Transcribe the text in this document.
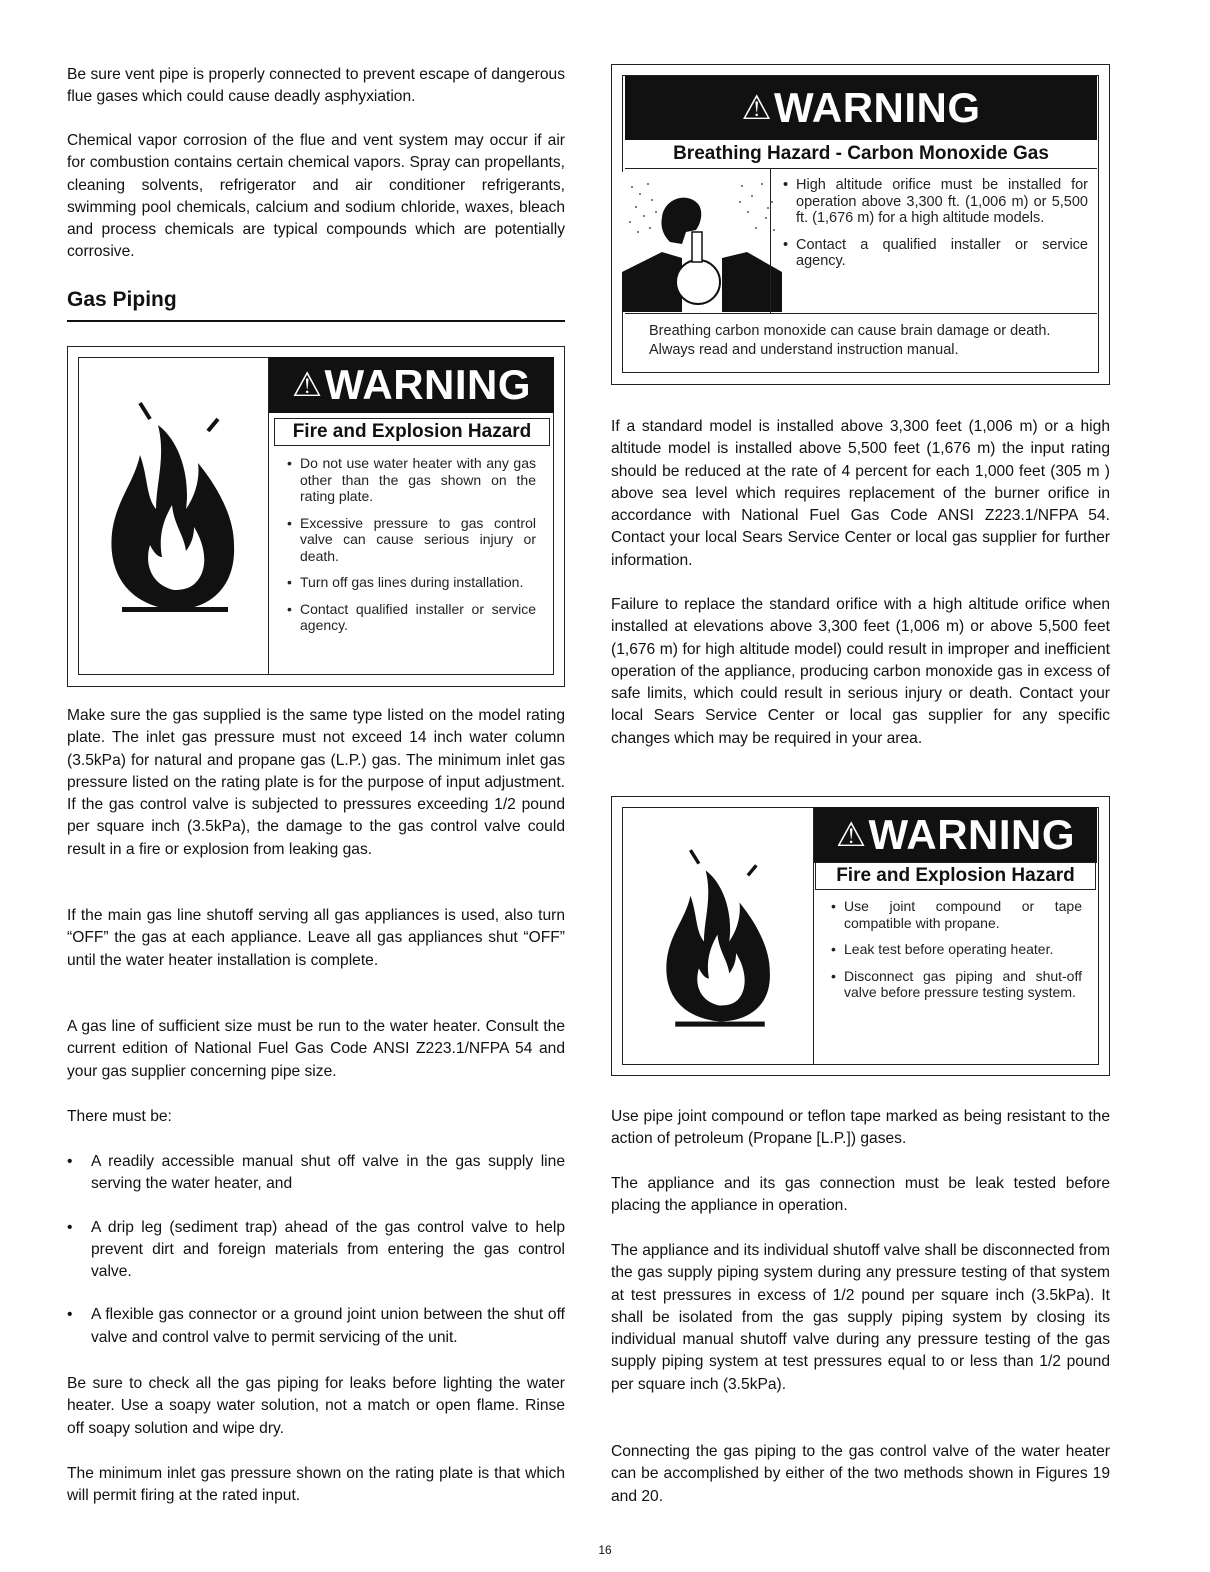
Be sure vent pipe is properly connected to prevent escape of dangerous flue gases which could cause deadly asphyxiation.

Chemical vapor corrosion of the flue and vent system may occur if air for combustion contains certain chemical vapors. Spray can propellants, cleaning solvents, refrigerator and air conditioner refrigerants, swimming pool chemicals, calcium and sodium chloride, waxes, bleach and process chemicals are typical compounds which are potentially corrosive.

Gas Piping
⚠WARNING
Fire and Explosion Hazard
• Do not use water heater with any gas other than the gas shown on the rating plate.
• Excessive pressure to gas control valve can cause serious injury or death.
• Turn off gas lines during installation.
• Contact qualified installer or service agency.

Make sure the gas supplied is the same type listed on the model rating plate. The inlet gas pressure must not exceed 14 inch water column (3.5kPa) for natural and propane gas (L.P.) gas. The minimum inlet gas pressure listed on the rating plate is for the purpose of input adjustment. If the gas control valve is subjected to pressures exceeding 1/2 pound per square inch (3.5kPa), the damage to the gas control valve could result in a fire or explosion from leaking gas.

If the main gas line shutoff serving all gas appliances is used, also turn “OFF” the gas at each appliance. Leave all gas appliances shut “OFF” until the water heater installation is complete.

A gas line of sufficient size must be run to the water heater. Consult the current edition of National Fuel Gas Code ANSI Z223.1/NFPA 54 and your gas supplier concerning pipe size.

There must be:

• A readily accessible manual shut off valve in the gas supply line serving the water heater, and
• A drip leg (sediment trap) ahead of the gas control valve to help prevent dirt and foreign materials from entering the gas control valve.
• A flexible gas connector or a ground joint union between the shut off valve and control valve to permit servicing of the unit.

Be sure to check all the gas piping for leaks before lighting the water heater. Use a soapy water solution, not a match or open flame. Rinse off soapy solution and wipe dry.

The minimum inlet gas pressure shown on the rating plate is that which will permit firing at the rated input.

⚠WARNING
Breathing Hazard - Carbon Monoxide Gas
• High altitude orifice must be installed for operation above 3,300 ft. (1,006 m) or 5,500 ft. (1,676 m) for a high altitude models.
• Contact a qualified installer or service agency.
Breathing carbon monoxide can cause brain damage or death. Always read and understand instruction manual.

If a standard model is installed above 3,300 feet (1,006 m) or a high altitude model is installed above 5,500 feet (1,676 m) the input rating should be reduced at the rate of 4 percent for each 1,000 feet (305 m ) above sea level which requires replacement of the burner orifice in accordance with National Fuel Gas Code ANSI Z223.1/NFPA 54. Contact your local Sears Service Center or local gas supplier for further information.

Failure to replace the standard orifice with a high altitude orifice when installed at elevations above 3,300 feet (1,006 m) or above 5,500 feet (1,676 m) for high altitude model) could result in improper and inefficient operation of the appliance, producing carbon monoxide gas in excess of safe limits, which could result in serious injury or death. Contact your local Sears Service Center or local gas supplier for any specific changes which may be required in your area.

⚠WARNING
Fire and Explosion Hazard
• Use joint compound or tape compatible with propane.
• Leak test before operating heater.
• Disconnect gas piping and shut-off valve before pressure testing system.

Use pipe joint compound or teflon tape marked as being resistant to the action of petroleum (Propane [L.P.]) gases.

The appliance and its gas connection must be leak tested before placing the appliance in operation.

The appliance and its individual shutoff valve shall be disconnected from the gas supply piping system during any pressure testing of that system at test pressures in excess of 1/2 pound per square inch (3.5kPa). It shall be isolated from the gas supply piping system by closing its individual manual shutoff valve during any pressure testing of the gas supply piping system at test pressures equal to or less than 1/2 pound per square inch (3.5kPa).

Connecting the gas piping to the gas control valve of the water heater can be accomplished by either of the two methods shown in Figures 19 and 20.

16
